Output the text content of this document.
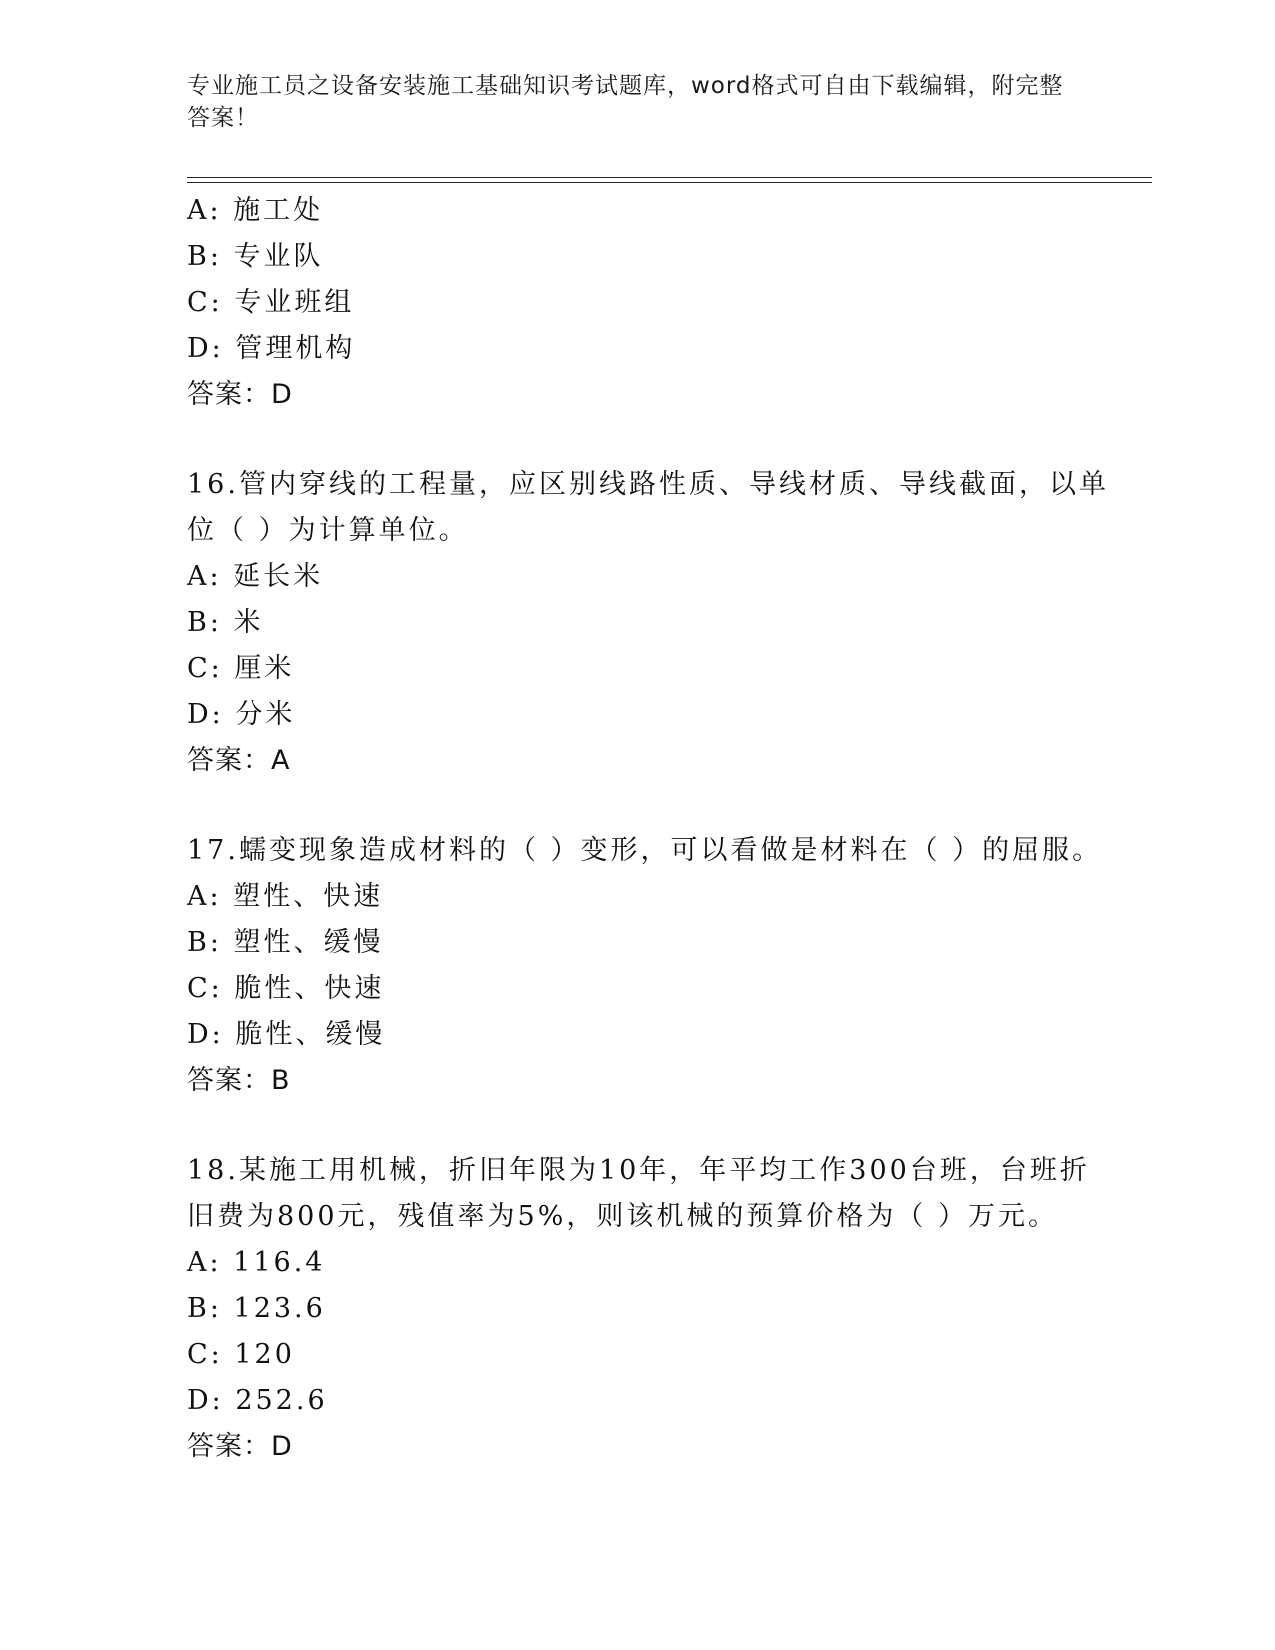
专业施工员之设备安装施工基础知识考试题库，word格式可自由下载编辑，附完整答案！
A: 施工处
B: 专业队
C: 专业班组
D: 管理机构
答案：D
16.管内穿线的工程量，应区别线路性质、导线材质、导线截面，以单
位（ ）为计算单位。
A: 延长米
B: 米
C: 厘米
D: 分米
答案：A
17.蠕变现象造成材料的（ ）变形，可以看做是材料在（ ）的屈服。
A: 塑性、快速
B: 塑性、缓慢
C: 脆性、快速
D: 脆性、缓慢
答案：B
18.某施工用机械，折旧年限为10年，年平均工作300台班，台班折
旧费为800元，残值率为5%，则该机械的预算价格为（ ）万元。
A: 116.4
B: 123.6
C: 120
D: 252.6
答案：D
